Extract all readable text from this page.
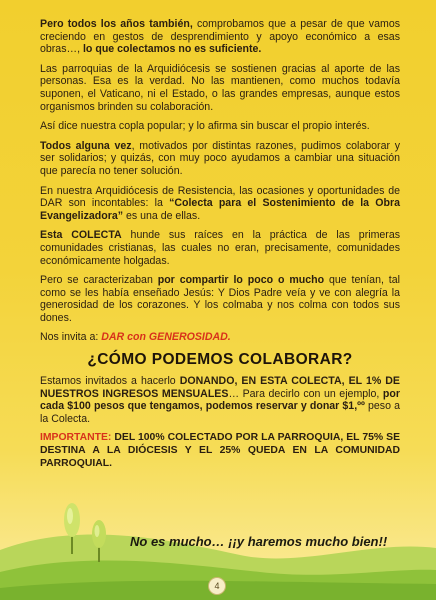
Pero todos los años también, comprobamos que a pesar de que vamos creciendo en gestos de desprendimiento y apoyo económico a esas obras…, lo que colectamos no es suficiente.

Las parroquias de la Arquidiócesis se sostienen gracias al aporte de las personas. Esa es la verdad. No las mantienen, como muchos todavía suponen, el Vaticano, ni el Estado, o las grandes empresas, aunque estos organismos brinden su colaboración.

Así dice nuestra copla popular; y lo afirma sin buscar el propio interés.

Todos alguna vez, motivados por distintas razones, pudimos colaborar y ser solidarios; y quizás, con muy poco ayudamos a cambiar una situación que parecía no tener solución.

En nuestra Arquidiócesis de Resistencia, las ocasiones y oportunidades de DAR son incontables: la “Colecta para el Sostenimiento de la Obra Evangelizadora” es una de ellas.

Esta COLECTA hunde sus raíces en la práctica de las primeras comunidades cristianas, las cuales no eran, precisamente, comunidades económicamente holgadas.

Pero se caracterizaban por compartir lo poco o mucho que tenían, tal como se les había enseñado Jesús: Y Dios Padre veía y ve con alegría la generosidad de los corazones. Y los colmaba y nos colma con todos sus dones.

Nos invita a: DAR con GENEROSIDAD.

¿CÓMO PODEMOS COLABORAR?

Estamos invitados a hacerlo DONANDO, EN ESTA COLECTA, EL 1% DE NUESTROS INGRESOS MENSUALES… Para decirlo con un ejemplo, por cada $100 pesos que tengamos, podemos reservar y donar $1,ºº peso a la Colecta.

IMPORTANTE: DEL 100% COLECTADO POR LA PARROQUIA, EL 75% SE DESTINA A LA DIÓCESIS Y EL 25% QUEDA EN LA COMUNIDAD PARROQUIAL.

No es mucho… ¡¡y haremos mucho bien!!
4
